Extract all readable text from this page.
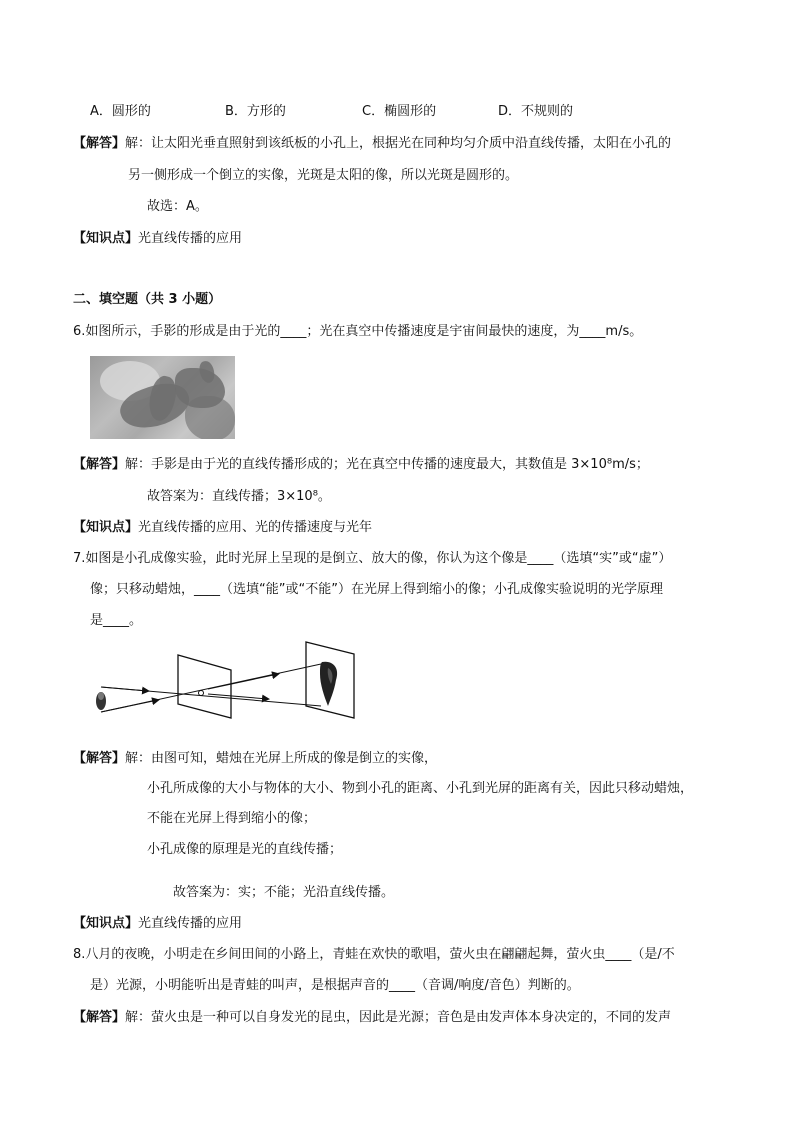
A．圆形的	B．方形的	C．椭圆形的	D．不规则的
【解答】解：让太阳光垂直照射到该纸板的小孔上，根据光在同种均匀介质中沿直线传播，太阳在小孔的
另一侧形成一个倒立的实像，光斑是太阳的像，所以光斑是圆形的。
故选：A。
【知识点】光直线传播的应用
二、填空题（共 3 小题）
6.如图所示，手影的形成是由于光的____；光在真空中传播速度是宇宙间最快的速度，为____m/s。
【解答】解：手影是由于光的直线传播形成的；光在真空中传播的速度最大，其数值是 3×10⁸m/s；
故答案为：直线传播；3×10⁸。
【知识点】光直线传播的应用、光的传播速度与光年
7.如图是小孔成像实验，此时光屏上呈现的是倒立、放大的像，你认为这个像是____（选填“实”或“虚”）
像；只移动蜡烛，____（选填“能”或“不能”）在光屏上得到缩小的像；小孔成像实验说明的光学原理
是____。
【解答】解：由图可知，蜡烛在光屏上所成的像是倒立的实像，
小孔所成像的大小与物体的大小、物到小孔的距离、小孔到光屏的距离有关，因此只移动蜡烛，
不能在光屏上得到缩小的像；
小孔成像的原理是光的直线传播；
故答案为：实；不能；光沿直线传播。
【知识点】光直线传播的应用
8.八月的夜晚，小明走在乡间田间的小路上，青蛙在欢快的歌唱，萤火虫在翩翩起舞，萤火虫____（是/不
是）光源，小明能听出是青蛙的叫声，是根据声音的____（音调/响度/音色）判断的。
【解答】解：萤火虫是一种可以自身发光的昆虫，因此是光源；音色是由发声体本身决定的，不同的发声
